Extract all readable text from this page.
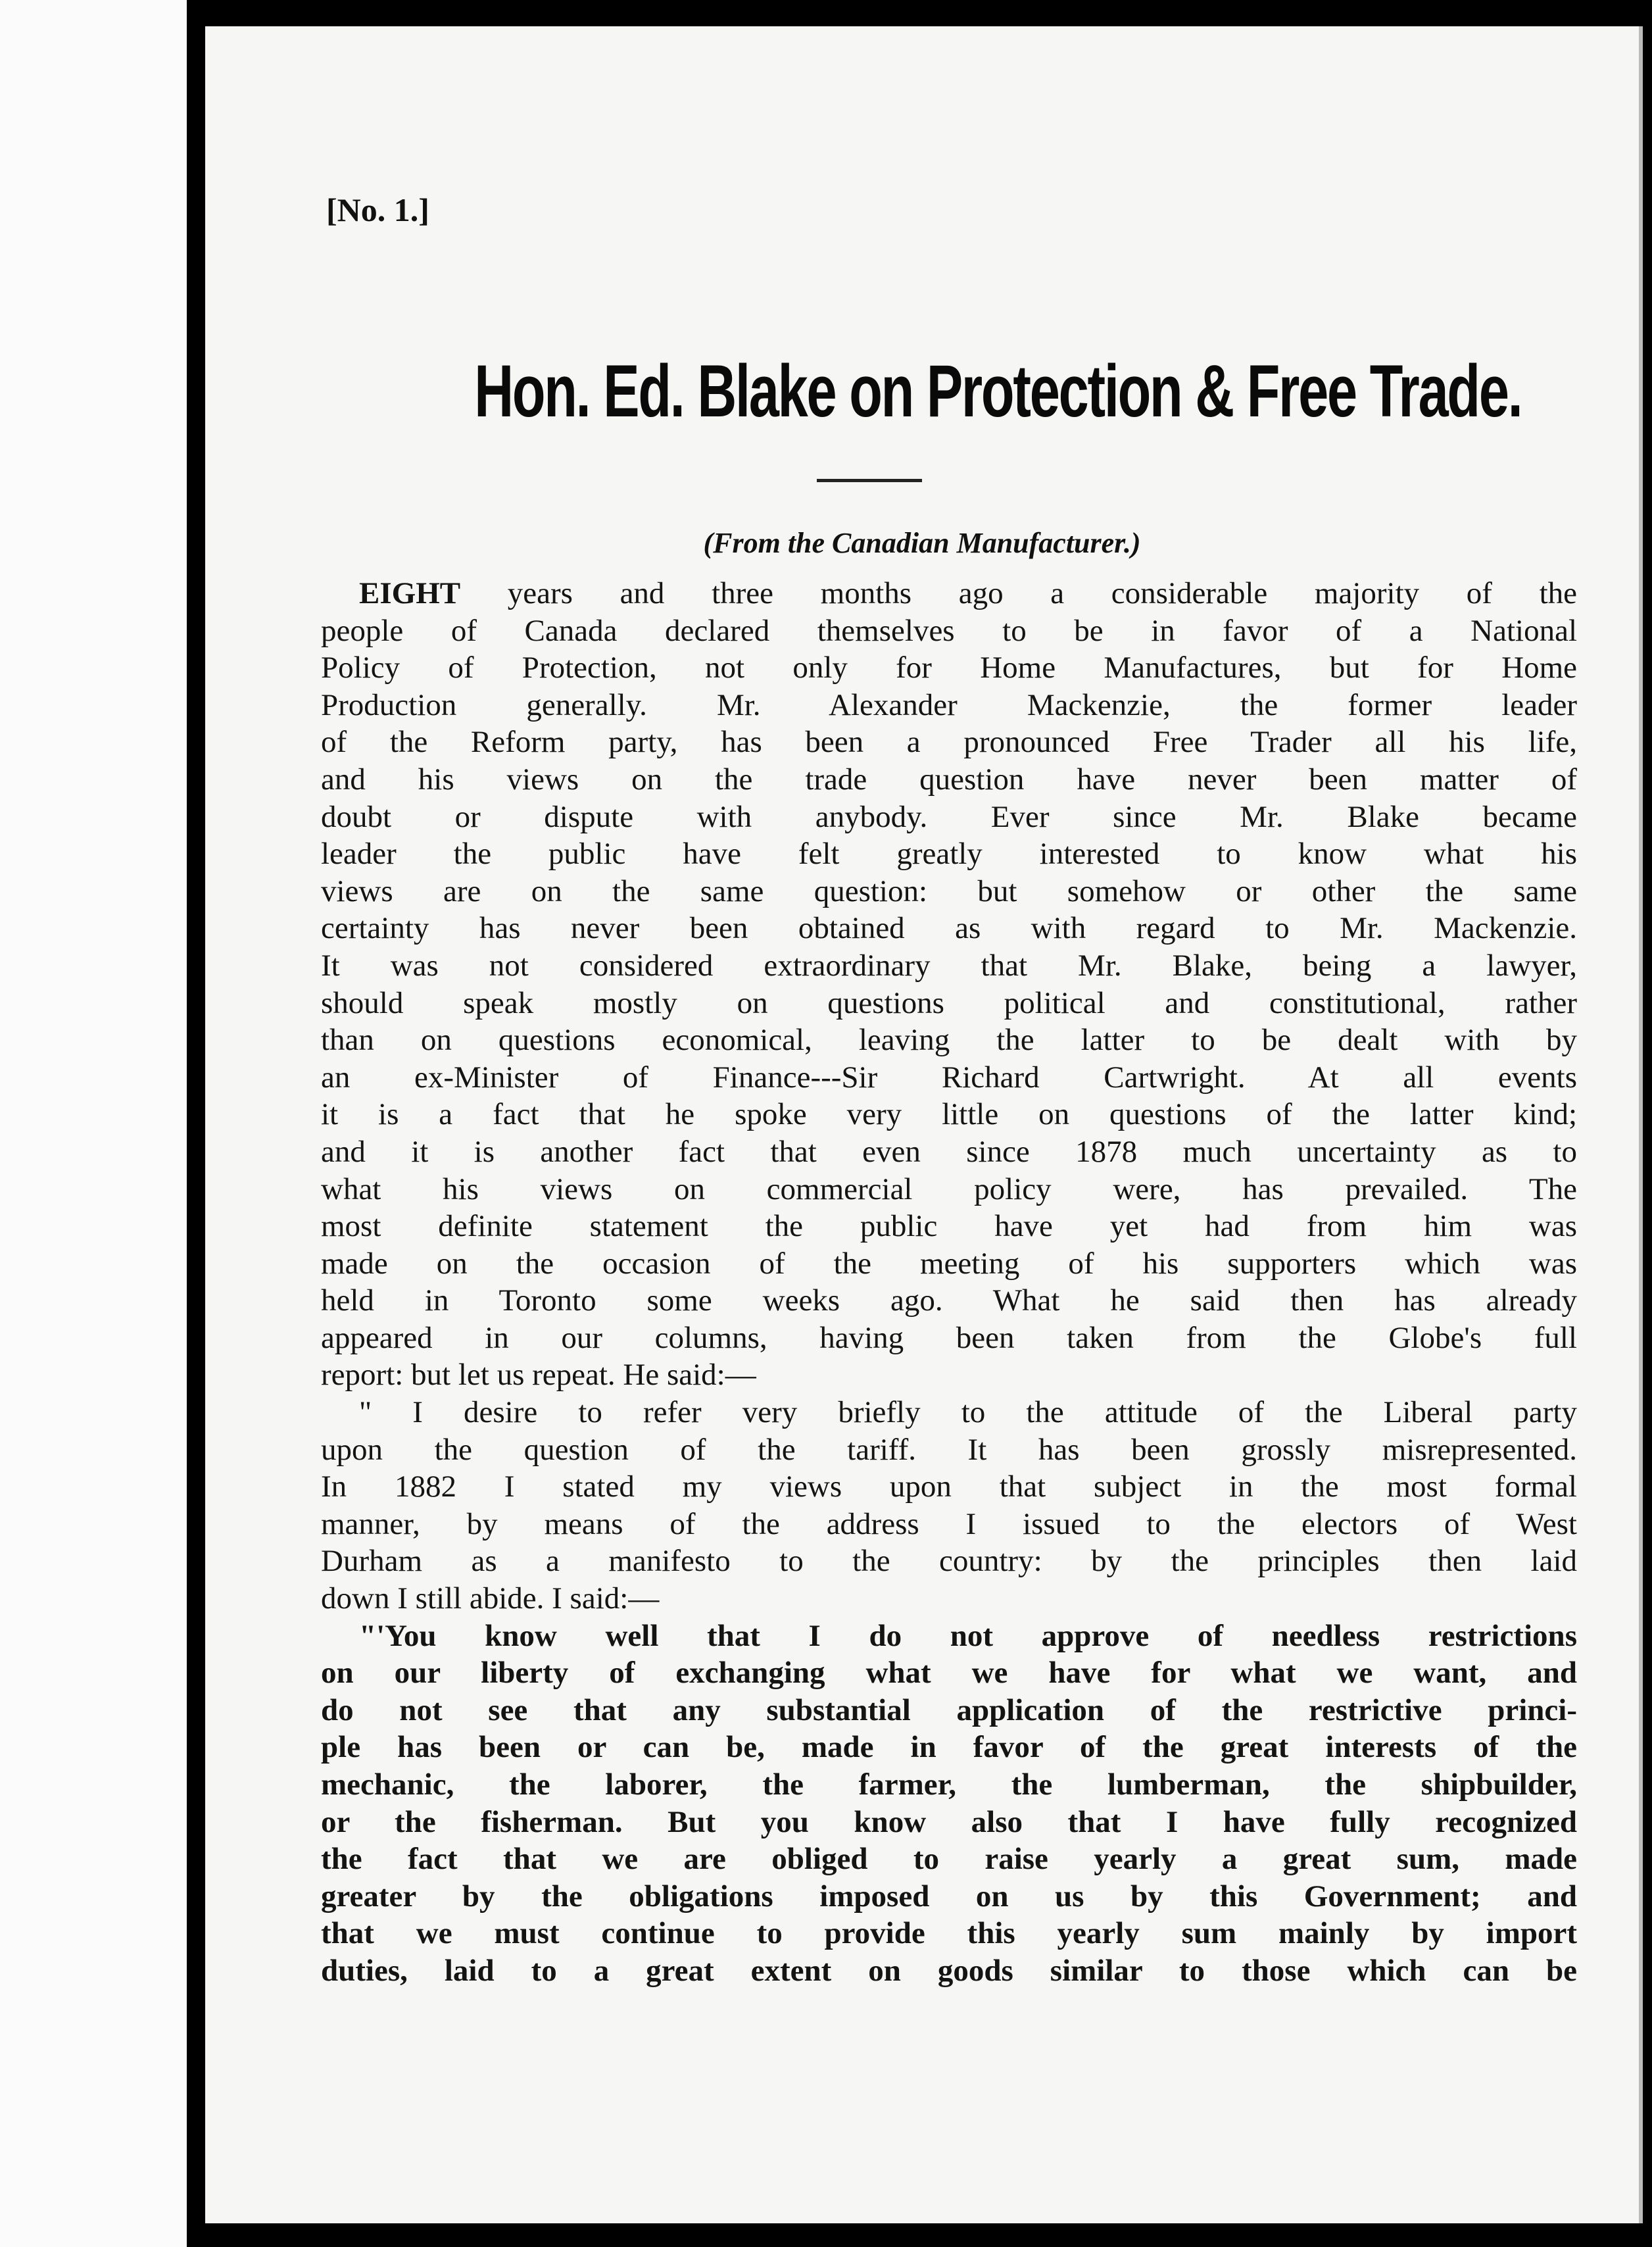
[No. 1.]

Hon. Ed. Blake on Protection & Free Trade.

(From the Canadian Manufacturer.)

EIGHT years and three months ago a considerable majority of the
people of Canada declared themselves to be in favor of a National
Policy of Protection, not only for Home Manufactures, but for Home
Production generally. Mr. Alexander Mackenzie, the former leader
of the Reform party, has been a pronounced Free Trader all his life,
and his views on the trade question have never been matter of
doubt or dispute with anybody. Ever since Mr. Blake became
leader the public have felt greatly interested to know what his
views are on the same question: but somehow or other the same
certainty has never been obtained as with regard to Mr. Mackenzie.
It was not considered extraordinary that Mr. Blake, being a lawyer,
should speak mostly on questions political and constitutional, rather
than on questions economical, leaving the latter to be dealt with by
an ex-Minister of Finance---Sir Richard Cartwright. At all events
it is a fact that he spoke very little on questions of the latter kind;
and it is another fact that even since 1878 much uncertainty as to
what his views on commercial policy were, has prevailed. The
most definite statement the public have yet had from him was
made on the occasion of the meeting of his supporters which was
held in Toronto some weeks ago. What he said then has already
appeared in our columns, having been taken from the Globe's full
report: but let us repeat. He said:—
" I desire to refer very briefly to the attitude of the Liberal party
upon the question of the tariff. It has been grossly misrepresented.
In 1882 I stated my views upon that subject in the most formal
manner, by means of the address I issued to the electors of West
Durham as a manifesto to the country: by the principles then laid
down I still abide. I said:—
"'You know well that I do not approve of needless restrictions
on our liberty of exchanging what we have for what we want, and
do not see that any substantial application of the restrictive princi-
ple has been or can be, made in favor of the great interests of the
mechanic, the laborer, the farmer, the lumberman, the shipbuilder,
or the fisherman. But you know also that I have fully recognized
the fact that we are obliged to raise yearly a great sum, made
greater by the obligations imposed on us by this Government; and
that we must continue to provide this yearly sum mainly by import
duties, laid to a great extent on goods similar to those which can be
